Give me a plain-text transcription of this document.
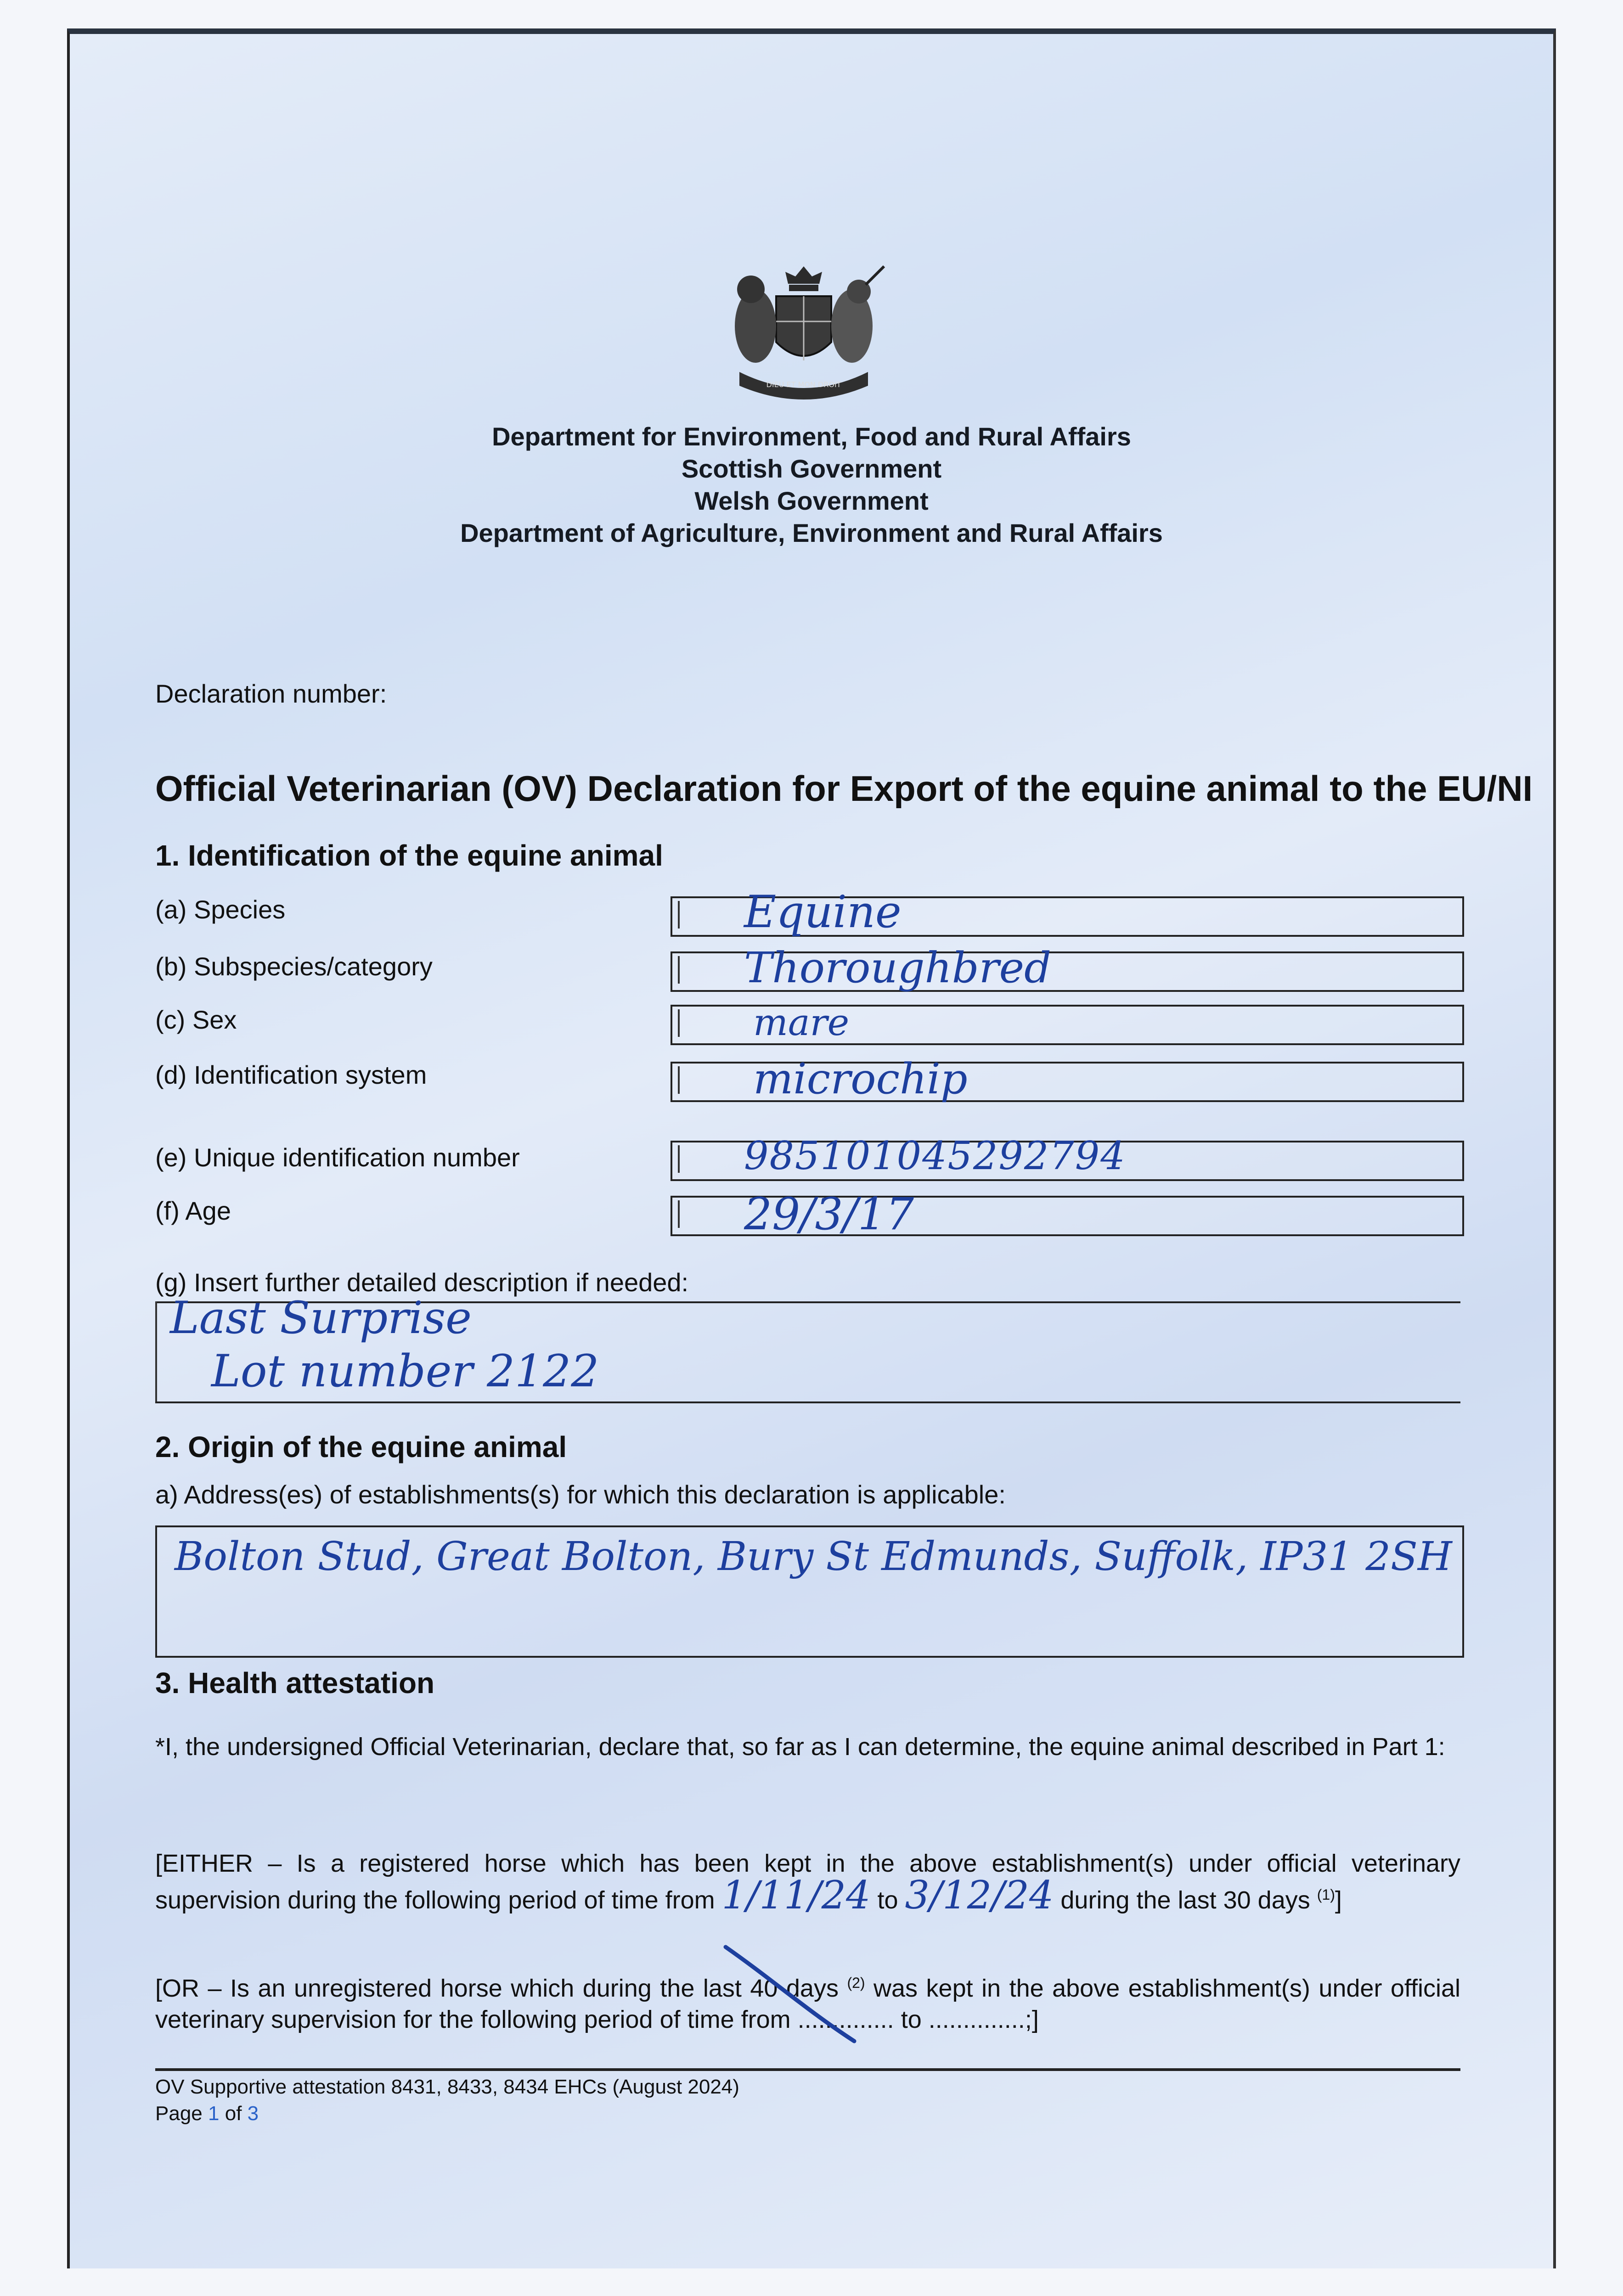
DIEU ET MON DROIT
Department for Environment, Food and Rural Affairs
Scottish Government
Welsh Government
Department of Agriculture, Environment and Rural Affairs
Declaration number:
Official Veterinarian (OV) Declaration for Export of the equine animal to the EU/NI
1. Identification of the equine animal
(a) Species	Equine
(b) Subspecies/category	Thoroughbred
(c) Sex	mare
(d) Identification system	microchip
(e) Unique identification number	985101045292794
(f) Age	29/3/17
(g) Insert further detailed description if needed:
Last Surprise
Lot number 2122
2. Origin of the equine animal
a) Address(es) of establishments(s) for which this declaration is applicable:
Bolton Stud, Great Bolton, Bury St Edmunds, Suffolk, IP31 2SH
3. Health attestation
*I, the undersigned Official Veterinarian, declare that, so far as I can determine, the equine animal described in Part 1:
[EITHER – Is a registered horse which has been kept in the above establishment(s) under official veterinary supervision during the following period of time from 1/11/24 to 3/12/24 during the last 30 days $^{(1)}$]
[OR – Is an unregistered horse which during the last 40 days $^{(2)}$ was kept in the above establishment(s) under official veterinary supervision for the following period of time from .............. to ..............;]
OV Supportive attestation 8431, 8433, 8434 EHCs (August 2024)
Page 1 of 3
